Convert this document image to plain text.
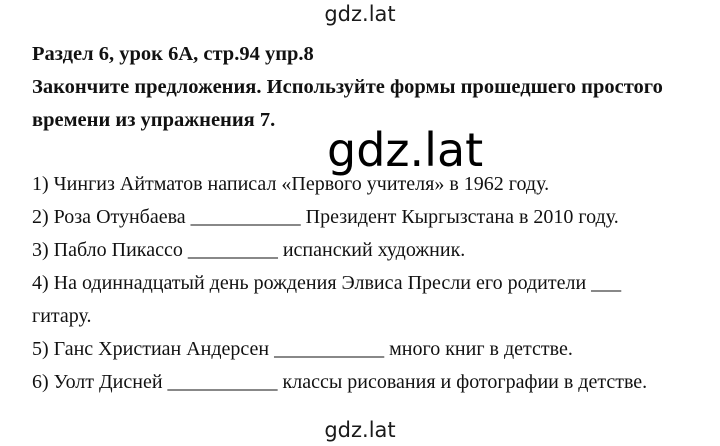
gdz.lat

Раздел 6, урок 6А, стр.94 упр.8

Закончите предложения. Используйте формы прошедшего простого

времени из упражнения 7.

gdz.lat
1) Чингиз Айтматов написал «Первого учителя» в 1962 году.
2) Роза Отунбаева ___________ Президент Кыргызстана в 2010 году.
3) Пабло Пикассо _________ испанский художник.
4) На одиннадцатый день рождения Элвиса Пресли его родители ___
гитару.
5) Ганс Христиан Андерсен ___________ много книг в детстве.
6) Уолт Дисней ___________ классы рисования и фотографии в детстве.
gdz.lat
